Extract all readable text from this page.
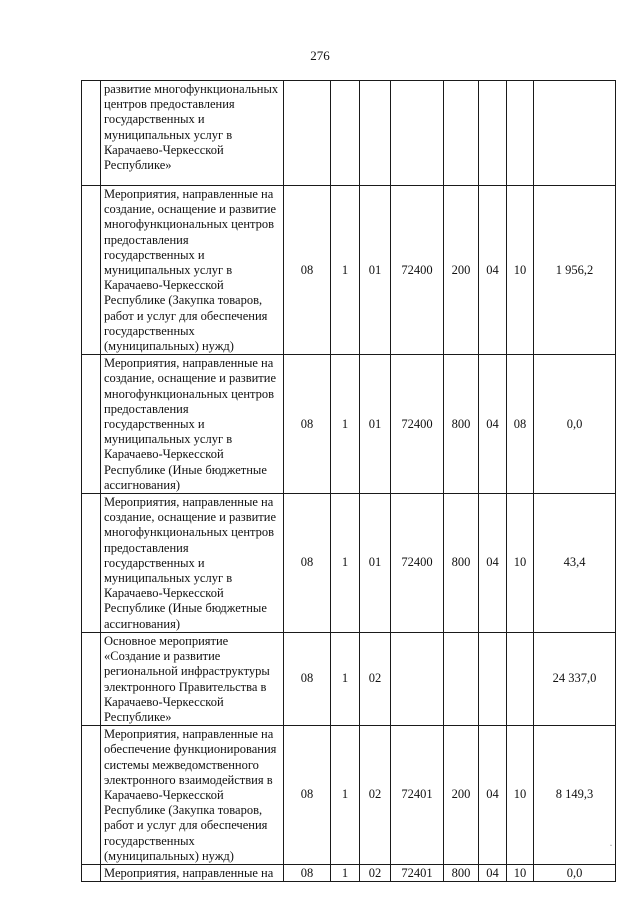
276
	развитие многофункциональных центров предоставления государственных и муниципальных услуг в Карачаево-Черкесской Республике»								
	Мероприятия, направленные на создание, оснащение и развитие многофункциональных центров предоставления государственных и муниципальных услуг в Карачаево-Черкесской Республике (Закупка товаров, работ и услуг для обеспечения государственных (муниципальных) нужд)	08	1	01	72400	200	04	10	1 956,2
	Мероприятия, направленные на создание, оснащение и развитие многофункциональных центров предоставления государственных и муниципальных услуг в Карачаево-Черкесской Республике (Иные бюджетные ассигнования)	08	1	01	72400	800	04	08	0,0
	Мероприятия, направленные на создание, оснащение и развитие многофункциональных центров предоставления государственных и муниципальных услуг в Карачаево-Черкесской Республике (Иные бюджетные ассигнования)	08	1	01	72400	800	04	10	43,4
	Основное мероприятие «Создание и развитие региональной инфраструктуры электронного Правительства в Карачаево-Черкесской Республике»	08	1	02					24 337,0
	Мероприятия, направленные на обеспечение функционирования системы межведомственного электронного взаимодействия в Карачаево-Черкесской Республике (Закупка товаров, работ и услуг для обеспечения государственных (муниципальных) нужд)	08	1	02	72401	200	04	10	8 149,3
	Мероприятия, направленные на	08	1	02	72401	800	04	10	0,0
·
